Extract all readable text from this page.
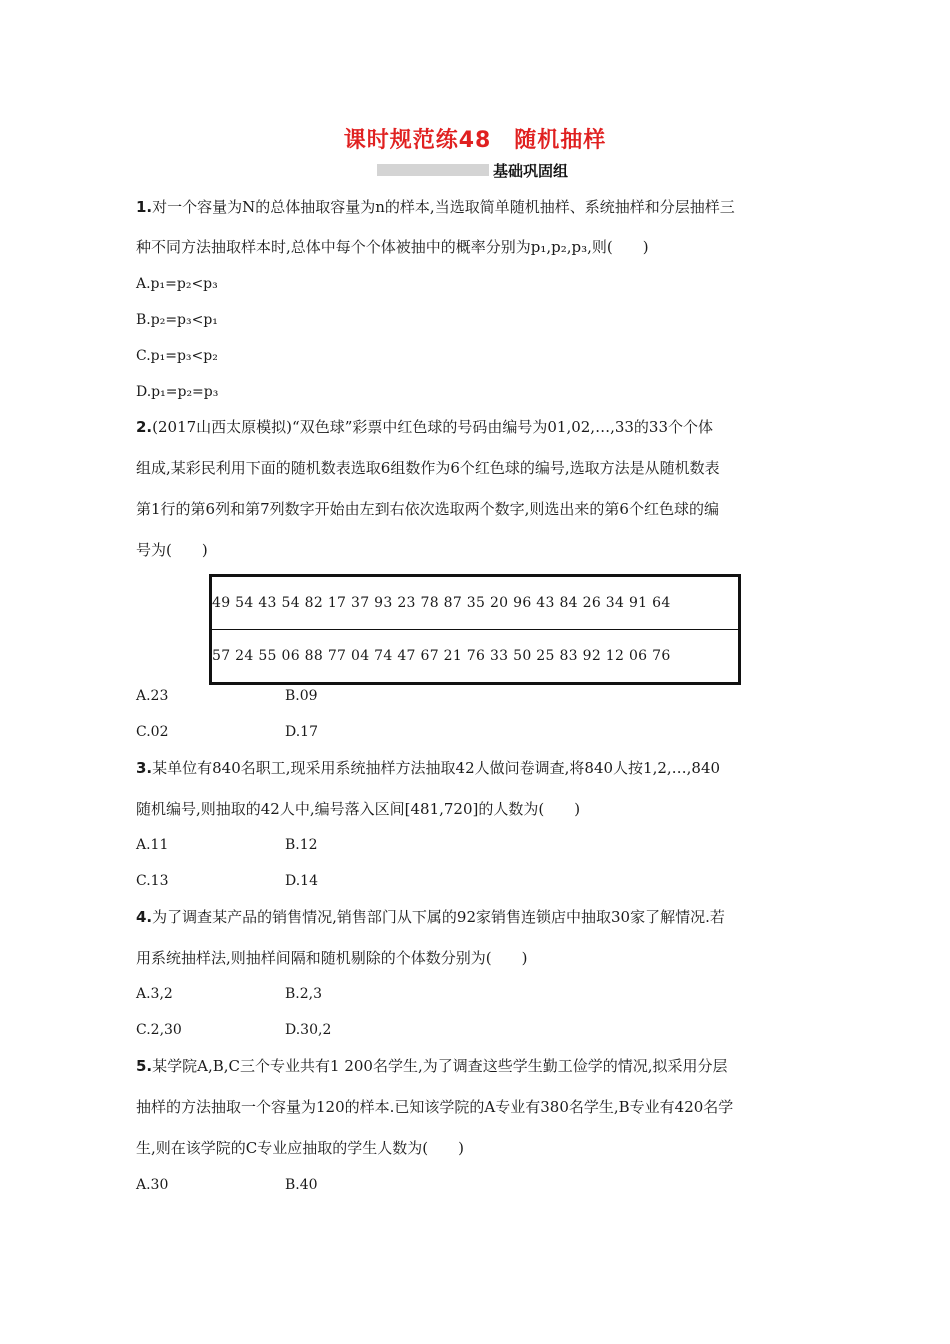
课时规范练48　随机抽样
基础巩固组
1.对一个容量为N的总体抽取容量为n的样本,当选取简单随机抽样、系统抽样和分层抽样三
种不同方法抽取样本时,总体中每个个体被抽中的概率分别为p₁,p₂,p₃,则(　　)
A.p₁=p₂<p₃
B.p₂=p₃<p₁
C.p₁=p₃<p₂
D.p₁=p₂=p₃
2.(2017山西太原模拟)“双色球”彩票中红色球的号码由编号为01,02,…,33的33个个体
组成,某彩民利用下面的随机数表选取6组数作为6个红色球的编号,选取方法是从随机数表
第1行的第6列和第7列数字开始由左到右依次选取两个数字,则选出来的第6个红色球的编
号为(　　)
49 54 43 54 82 17 37 93 23 78 87 35 20 96 43 84 26 34 91 64
57 24 55 06 88 77 04 74 47 67 21 76 33 50 25 83 92 12 06 76
A.23	B.09
C.02	D.17
3.某单位有840名职工,现采用系统抽样方法抽取42人做问卷调查,将840人按1,2,…,840
随机编号,则抽取的42人中,编号落入区间[481,720]的人数为(　　)
A.11	B.12
C.13	D.14
4.为了调查某产品的销售情况,销售部门从下属的92家销售连锁店中抽取30家了解情况.若
用系统抽样法,则抽样间隔和随机剔除的个体数分别为(　　)
A.3,2	B.2,3
C.2,30	D.30,2
5.某学院A,B,C三个专业共有1 200名学生,为了调查这些学生勤工俭学的情况,拟采用分层
抽样的方法抽取一个容量为120的样本.已知该学院的A专业有380名学生,B专业有420名学
生,则在该学院的C专业应抽取的学生人数为(　　)
A.30	B.40
